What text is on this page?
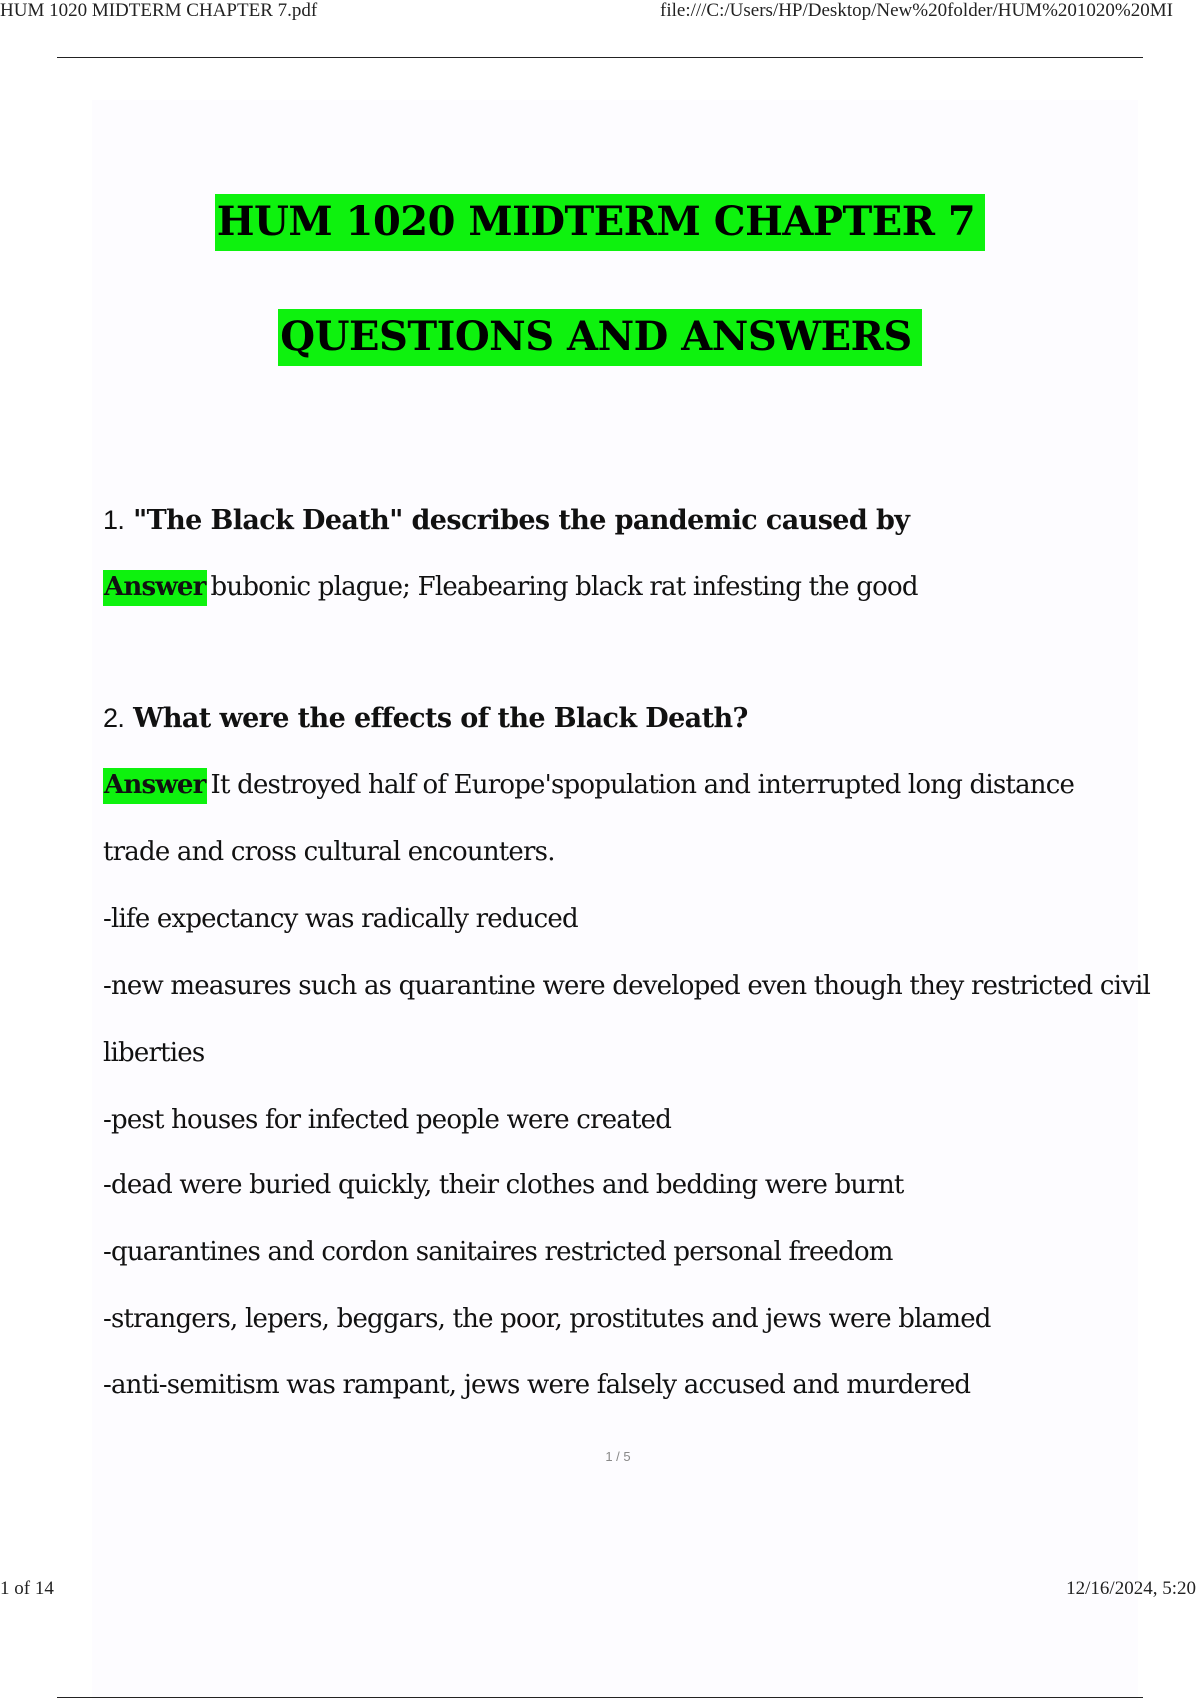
HUM 1020 MIDTERM CHAPTER 7.pdf	file:///C:/Users/HP/Desktop/New%20folder/HUM%201020%20MI
HUM 1020 MIDTERM CHAPTER 7
QUESTIONS AND ANSWERS
1. "The Black Death" describes the pandemic caused by
Answer bubonic plague; Fleabearing black rat infesting the good
2. What were the effects of the Black Death?
Answer It destroyed half of Europe'spopulation and interrupted long distance
trade and cross cultural encounters.
-life expectancy was radically reduced
-new measures such as quarantine were developed even though they restricted civil
liberties
-pest houses for infected people were created
-dead were buried quickly, their clothes and bedding were burnt
-quarantines and cordon sanitaires restricted personal freedom
-strangers, lepers, beggars, the poor, prostitutes and jews were blamed
-anti-semitism was rampant, jews were falsely accused and murdered
1 / 5
1 of 14	12/16/2024, 5:20
